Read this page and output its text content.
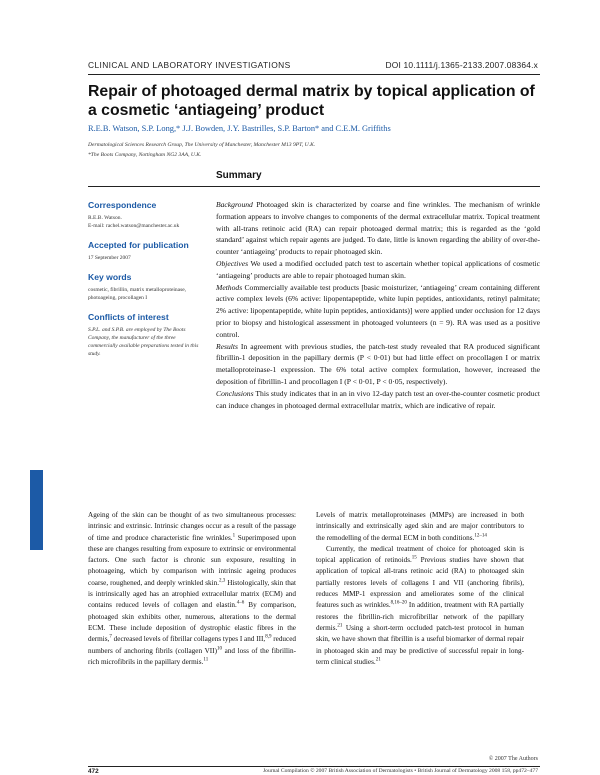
CLINICAL AND LABORATORY INVESTIGATIONS	DOI 10.1111/j.1365-2133.2007.08364.x
Repair of photoaged dermal matrix by topical application of a cosmetic ‘antiageing’ product
R.E.B. Watson, S.P. Long,* J.J. Bowden, J.Y. Bastrilles, S.P. Barton* and C.E.M. Griffiths
Dermatological Sciences Research Group, The University of Manchester, Manchester M13 9PT, U.K.
*The Boots Company, Nottingham NG2 3AA, U.K.
Summary
Correspondence
R.E.B. Watson.
E-mail: rachel.watson@manchester.ac.uk
Accepted for publication
17 September 2007
Key words
cosmetic, fibrillin, matrix metalloproteinase, photoageing, procollagen I
Conflicts of interest
S.P.L. and S.P.B. are employed by The Boots Company, the manufacturer of the three commercially available preparations tested in this study.

Background Photoaged skin is characterized by coarse and fine wrinkles. The mechanism of wrinkle formation appears to involve changes to components of the dermal extracellular matrix. Topical treatment with all-trans retinoic acid (RA) can repair photoaged dermal matrix; this is regarded as the ‘gold standard’ against which repair agents are judged. To date, little is known regarding the ability of over-the-counter ‘antiageing’ products to repair photoaged skin.

Objectives We used a modified occluded patch test to ascertain whether topical applications of cosmetic ‘antiageing’ products are able to repair photoaged human skin.

Methods Commercially available test products [basic moisturizer, ‘antiageing’ cream containing different active complex levels (6% active: lipopentapeptide, white lupin peptides, antioxidants, retinyl palmitate; 2% active: lipopentapeptide, white lupin peptides, antioxidants)] were applied under occlusion for 12 days prior to biopsy and histological assessment in photoaged volunteers (n = 9). RA was used as a positive control.

Results In agreement with previous studies, the patch-test study revealed that RA produced significant fibrillin-1 deposition in the papillary dermis (P < 0·01) but had little effect on procollagen I or matrix metalloproteinase-1 expression. The 6% total active complex formulation, however, increased the deposition of fibrillin-1 and procollagen I (P < 0·01, P < 0·05, respectively).

Conclusions This study indicates that in an in vivo 12-day patch test an over-the-counter cosmetic product can induce changes in photoaged dermal extracellular matrix, which are indicative of repair.

Ageing of the skin can be thought of as two simultaneous processes: intrinsic and extrinsic. Intrinsic changes occur as a result of the passage of time and produce characteristic fine wrinkles.$^1$ Superimposed upon these are changes resulting from exposure to extrinsic or environmental factors. One such factor is chronic sun exposure, resulting in photoageing, which by comparison with intrinsic ageing produces coarse, roughened, and deeply wrinkled skin.$^{2,3}$ Histologically, skin that is intrinsically aged has an atrophied extracellular matrix (ECM) and contains reduced levels of collagen and elastin.$^{4-6}$ By comparison, photoaged skin exhibits other, numerous, alterations to the dermal ECM. These include deposition of dystrophic elastic fibres in the dermis,$^7$ decreased levels of fibrillar collagens types I and III,$^{8,9}$ reduced numbers of anchoring fibrils (collagen VII)$^{10}$ and loss of the fibrillin-rich microfibrils in the papillary dermis.$^{11}$

Levels of matrix metalloproteinases (MMPs) are increased in both intrinsically and extrinsically aged skin and are major contributors to the remodelling of the dermal ECM in both conditions.$^{12-14}$

Currently, the medical treatment of choice for photoaged skin is topical application of retinoids.$^{15}$ Previous studies have shown that application of topical all-trans retinoic acid (RA) to photoaged skin partially restores levels of collagens I and VII (anchoring fibrils), reduces MMP-1 expression and ameliorates some of the clinical features such as wrinkles.$^{8,16-20}$ In addition, treatment with RA partially restores the fibrillin-rich microfibrillar network of the papillary dermis.$^{21}$ Using a short-term occluded patch-test protocol in human skin, we have shown that fibrillin is a useful biomarker of dermal repair in photoaged skin and may be predictive of successful repair in long-term clinical studies.$^{21}$

© 2007 The Authors
472	Journal Compilation © 2007 British Association of Dermatologists • British Journal of Dermatology 2008 158, pp472–477
